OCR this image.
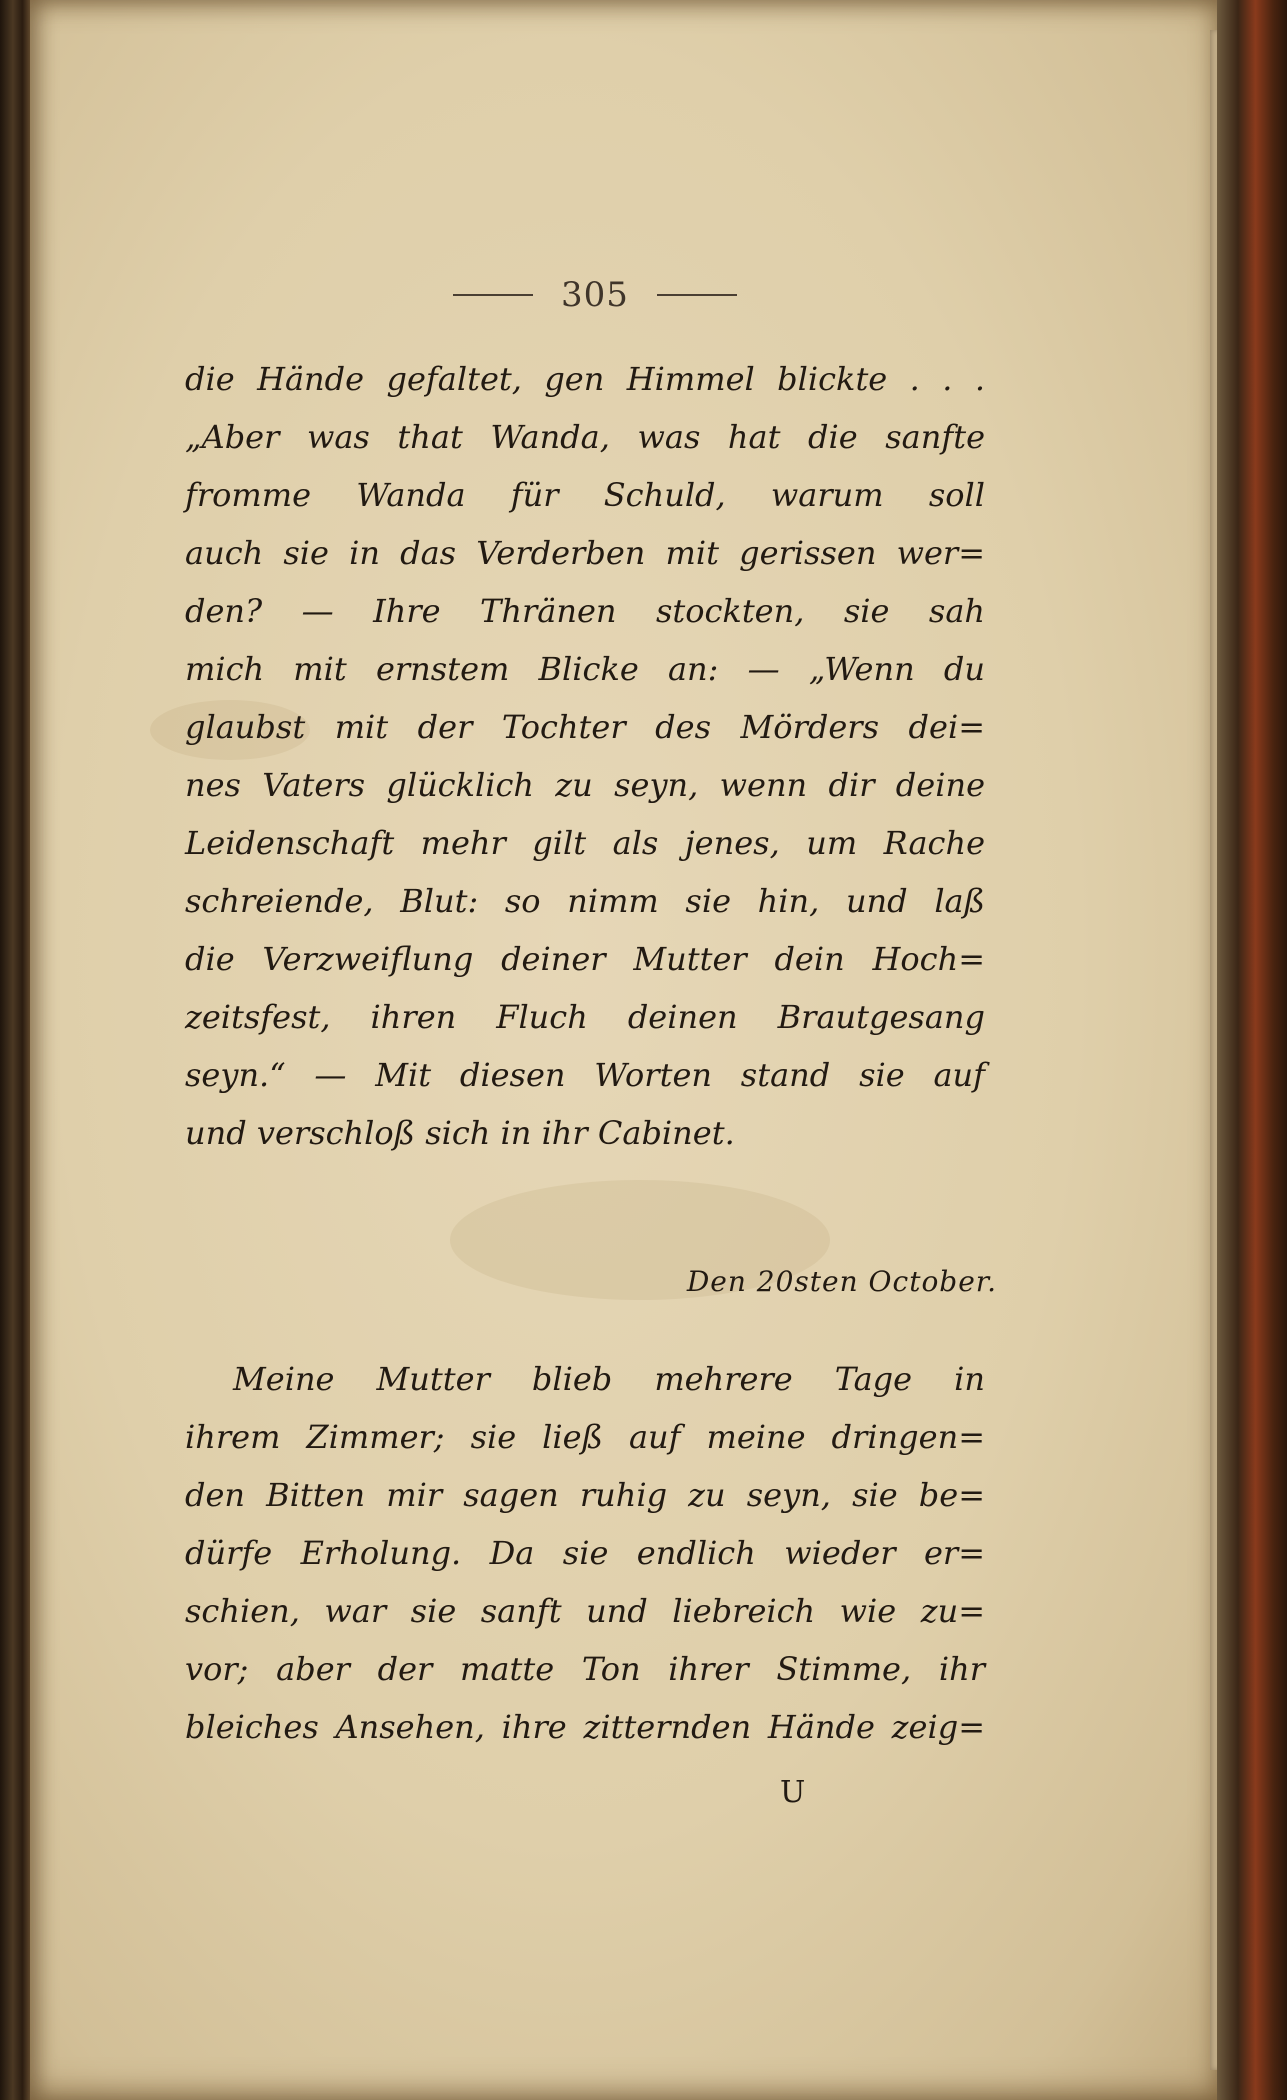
305
die Hände gefaltet, gen Himmel blickte . . .
„Aber was that Wanda, was hat die sanfte
fromme Wanda für Schuld, warum soll
auch sie in das Verderben mit gerissen wer=
den? — Ihre Thränen stockten, sie sah
mich mit ernstem Blicke an: — „Wenn du
glaubst mit der Tochter des Mörders dei=
nes Vaters glücklich zu seyn, wenn dir deine
Leidenschaft mehr gilt als jenes, um Rache
schreiende, Blut: so nimm sie hin, und laß
die Verzweiflung deiner Mutter dein Hoch=
zeitsfest, ihren Fluch deinen Brautgesang
seyn.“ — Mit diesen Worten stand sie auf
und verschloß sich in ihr Cabinet.
Den 20sten October.
Meine Mutter blieb mehrere Tage in
ihrem Zimmer; sie ließ auf meine dringen=
den Bitten mir sagen ruhig zu seyn, sie be=
dürfe Erholung. Da sie endlich wieder er=
schien, war sie sanft und liebreich wie zu=
vor; aber der matte Ton ihrer Stimme, ihr
bleiches Ansehen, ihre zitternden Hände zeig=
U
